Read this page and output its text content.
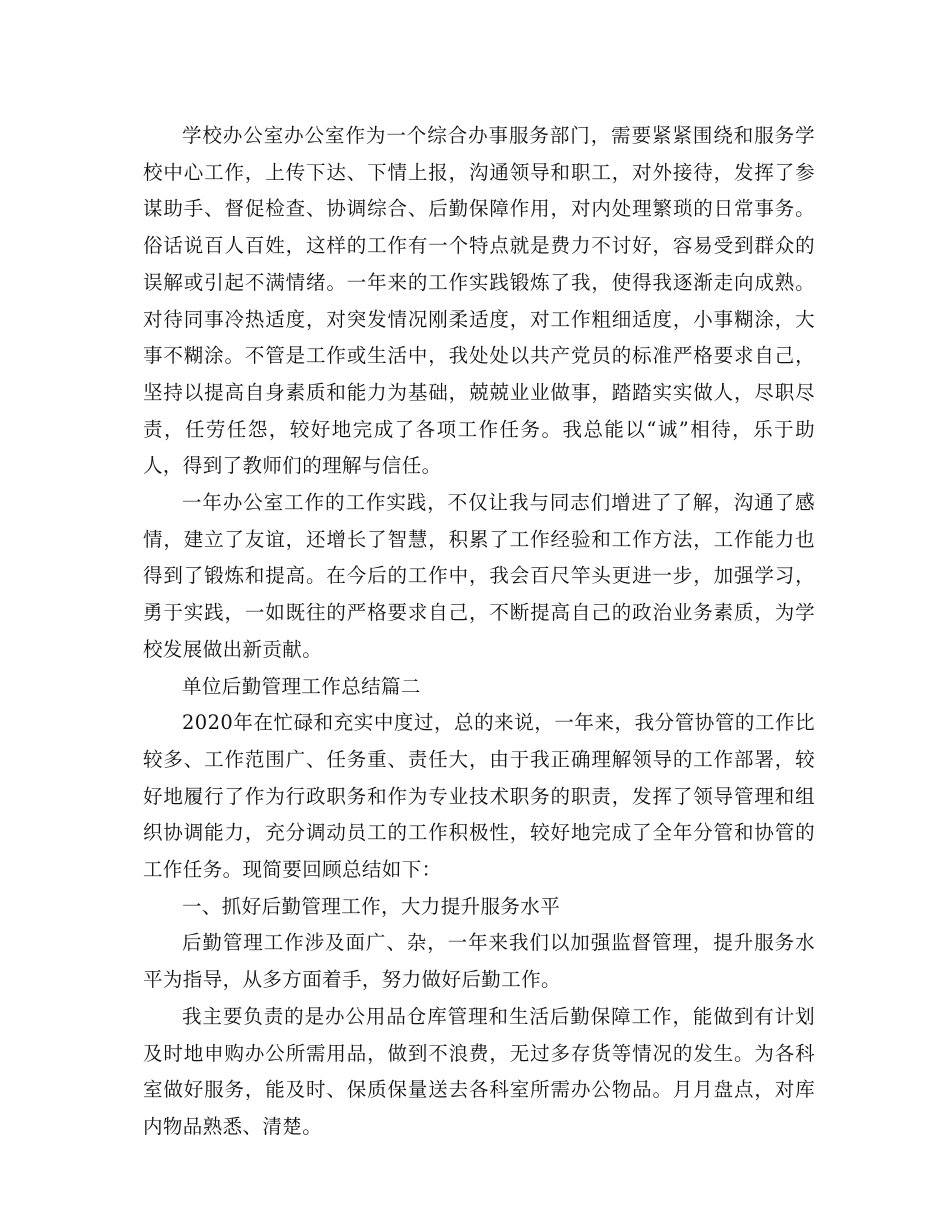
学校办公室办公室作为一个综合办事服务部门，需要紧紧围绕和服务学校中心工作，上传下达、下情上报，沟通领导和职工，对外接待，发挥了参谋助手、督促检查、协调综合、后勤保障作用，对内处理繁琐的日常事务。俗话说百人百姓，这样的工作有一个特点就是费力不讨好，容易受到群众的误解或引起不满情绪。一年来的工作实践锻炼了我，使得我逐渐走向成熟。对待同事冷热适度，对突发情况刚柔适度，对工作粗细适度，小事糊涂，大事不糊涂。不管是工作或生活中，我处处以共产党员的标准严格要求自己，坚持以提高自身素质和能力为基础，兢兢业业做事，踏踏实实做人，尽职尽责，任劳任怨，较好地完成了各项工作任务。我总能以“诚”相待，乐于助人，得到了教师们的理解与信任。

一年办公室工作的工作实践，不仅让我与同志们增进了了解，沟通了感情，建立了友谊，还增长了智慧，积累了工作经验和工作方法，工作能力也得到了锻炼和提高。在今后的工作中，我会百尺竿头更进一步，加强学习，勇于实践，一如既往的严格要求自己，不断提高自己的政治业务素质，为学校发展做出新贡献。

单位后勤管理工作总结篇二

2020年在忙碌和充实中度过，总的来说，一年来，我分管协管的工作比较多、工作范围广、任务重、责任大，由于我正确理解领导的工作部署，较好地履行了作为行政职务和作为专业技术职务的职责，发挥了领导管理和组织协调能力，充分调动员工的工作积极性，较好地完成了全年分管和协管的工作任务。现简要回顾总结如下：

一、抓好后勤管理工作，大力提升服务水平

后勤管理工作涉及面广、杂，一年来我们以加强监督管理，提升服务水平为指导，从多方面着手，努力做好后勤工作。

我主要负责的是办公用品仓库管理和生活后勤保障工作，能做到有计划及时地申购办公所需用品，做到不浪费，无过多存货等情况的发生。为各科室做好服务，能及时、保质保量送去各科室所需办公物品。月月盘点，对库内物品熟悉、清楚。
